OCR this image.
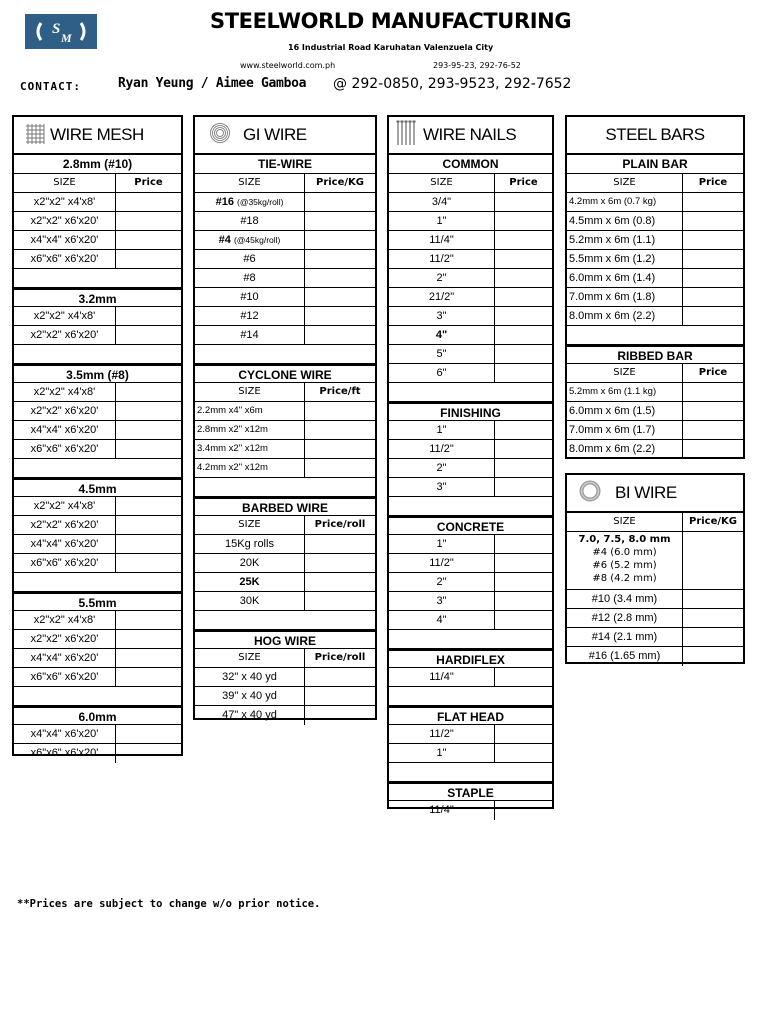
S
M
STEELWORLD MANUFACTURING
16 Industrial Road Karuhatan Valenzuela City
www.steelworld.com.ph	293-95-23, 292-76-52
CONTACT:	Ryan Yeung / Aimee Gamboa @ 292-0850, 293-9523, 292-7652
WIRE MESH
2.8mm (#10)
SIZE	Price
x2"x2" x4'x8'
x2"x2" x6'x20'
x4"x4" x6'x20'
x6"x6" x6'x20'
3.2mm
x2"x2" x4'x8'
x2"x2" x6'x20'
3.5mm (#8)
x2"x2" x4'x8'
x2"x2" x6'x20'
x4"x4" x6'x20'
x6"x6" x6'x20'
4.5mm
x2"x2" x4'x8'
x2"x2" x6'x20'
x4"x4" x6'x20'
x6"x6" x6'x20'
5.5mm
x2"x2" x4'x8'
x2"x2" x6'x20'
x4"x4" x6'x20'
x6"x6" x6'x20'
6.0mm
x4"x4" x6'x20'
x6"x6" x6'x20'
GI WIRE
TIE-WIRE
SIZE	Price/KG
#16 (@35kg/roll)
#18
#4 (@45kg/roll)
#6
#8
#10
#12
#14
CYCLONE WIRE
SIZE	Price/ft
2.2mm x4" x6m
2.8mm x2" x12m
3.4mm x2" x12m
4.2mm x2" x12m
BARBED WIRE
SIZE	Price/roll
15Kg rolls
20K
25K
30K
HOG WIRE
SIZE	Price/roll
32" x 40 yd
39" x 40 yd
47" x 40 yd
WIRE NAILS
COMMON
SIZE	Price
3/4"
1"
11/4"
11/2"
2"
21/2"
3"
4"
5"
6"
FINISHING
1"
11/2"
2"
3"
CONCRETE
1"
11/2"
2"
3"
4"
HARDIFLEX
11/4"
FLAT HEAD
11/2"
1"
STAPLE
11/4"
STEEL BARS
PLAIN BAR
SIZE	Price
4.2mm x 6m (0.7 kg)
4.5mm x 6m (0.8)
5.2mm x 6m (1.1)
5.5mm x 6m (1.2)
6.0mm x 6m (1.4)
7.0mm x 6m (1.8)
8.0mm x 6m (2.2)
RIBBED BAR
SIZE	Price
5.2mm x 6m (1.1 kg)
6.0mm x 6m (1.5)
7.0mm x 6m (1.7)
8.0mm x 6m (2.2)
BI WIRE
SIZE	Price/KG
7.0, 7.5, 8.0 mm
#4 (6.0 mm)
#6 (5.2 mm)
#8 (4.2 mm)
#10 (3.4 mm)
#12 (2.8 mm)
#14 (2.1 mm)
#16 (1.65 mm)
**Prices are subject to change w/o prior notice.
